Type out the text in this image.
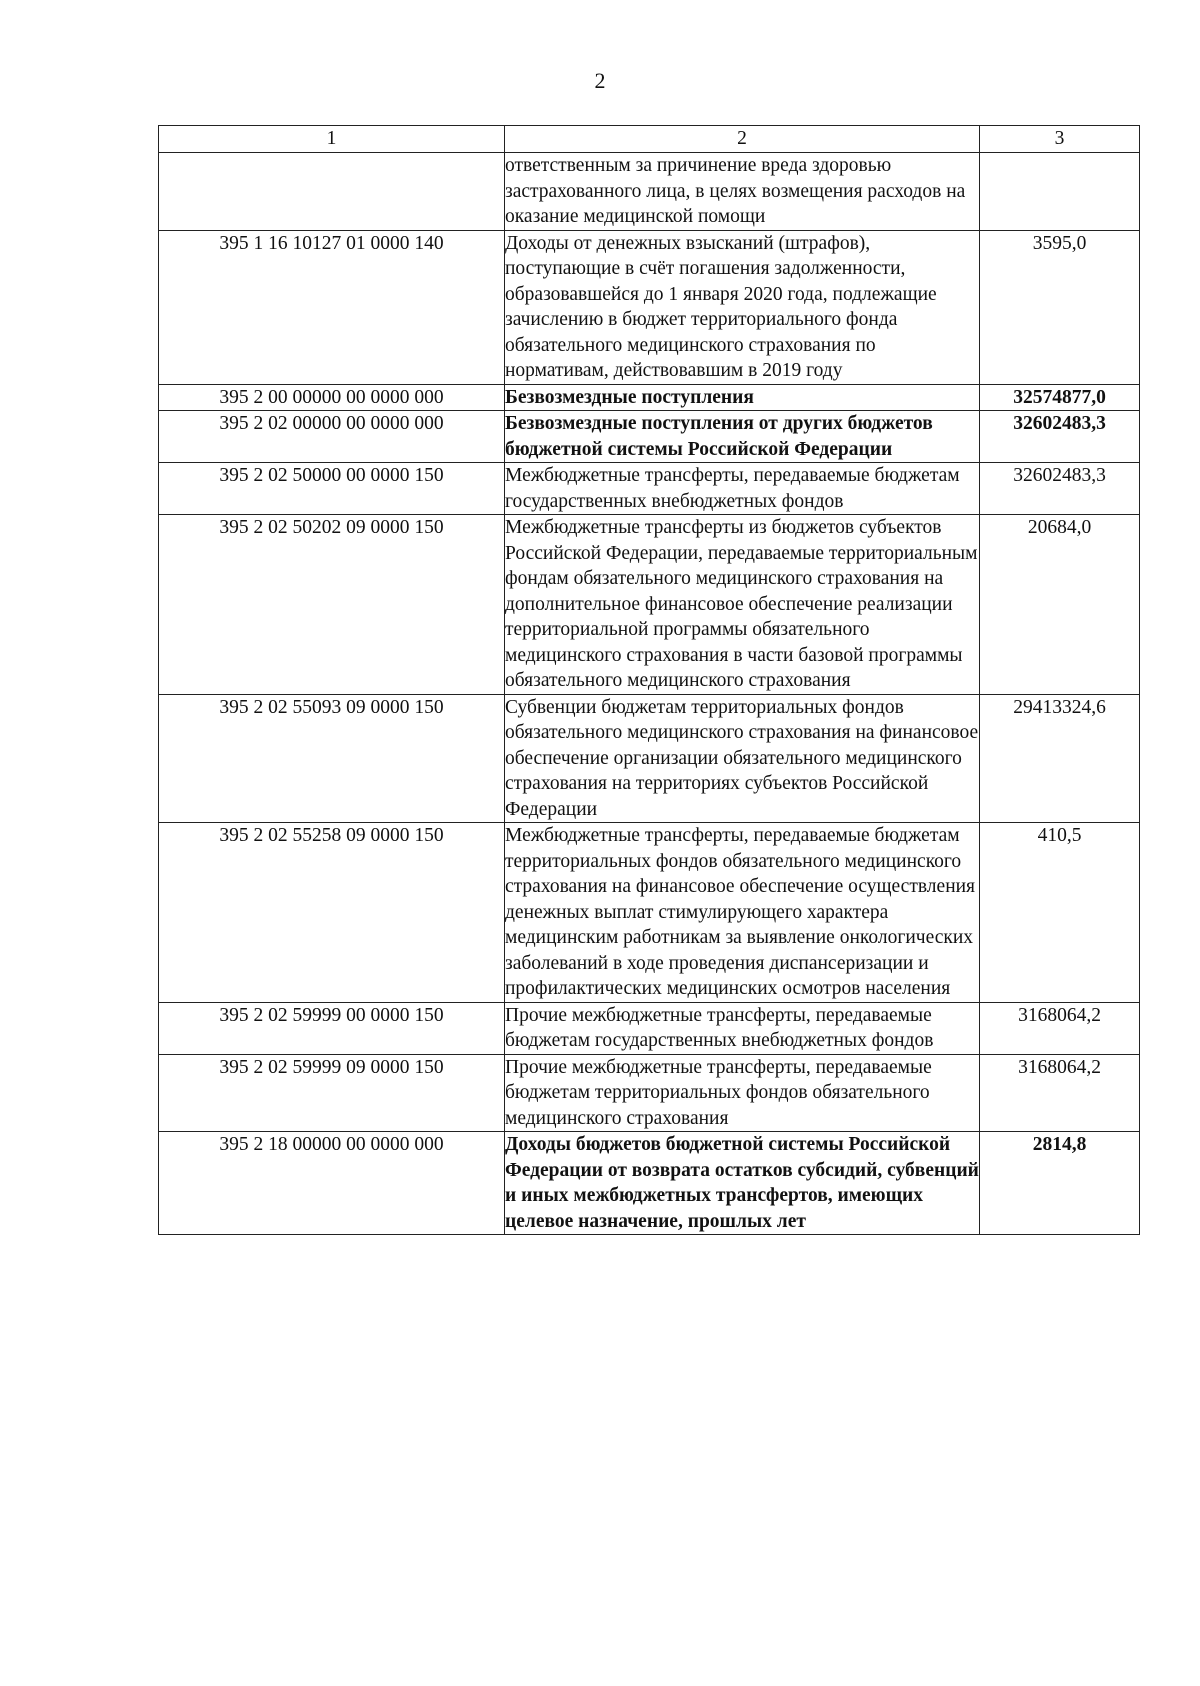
2
1	2	3
	ответственным за причинение вреда здоровью застрахованного лица, в целях возмещения расходов на оказание медицинской помощи	
395 1 16 10127 01 0000 140	Доходы от денежных взысканий (штрафов), поступающие в счёт погашения задолженности, образовавшейся до 1 января 2020 года, подлежащие зачислению в бюджет территориального фонда обязательного медицинского страхования по нормативам, действовавшим в 2019 году	3595,0
395 2 00 00000 00 0000 000	Безвозмездные поступления	32574877,0
395 2 02 00000 00 0000 000	Безвозмездные поступления от других бюджетов бюджетной системы Российской Федерации	32602483,3
395 2 02 50000 00 0000 150	Межбюджетные трансферты, передаваемые бюджетам государственных внебюджетных фондов	32602483,3
395 2 02 50202 09 0000 150	Межбюджетные трансферты из бюджетов субъектов Российской Федерации, передаваемые территориальным фондам обязательного медицинского страхования на дополнительное финансовое обеспечение реализации территориальной программы обязательного медицинского страхования в части базовой программы обязательного медицинского страхования	20684,0
395 2 02 55093 09 0000 150	Субвенции бюджетам территориальных фондов обязательного медицинского страхования на финансовое обеспечение организации обязательного медицинского страхования на территориях субъектов Российской Федерации	29413324,6
395 2 02 55258 09 0000 150	Межбюджетные трансферты, передаваемые бюджетам территориальных фондов обязательного медицинского страхования на финансовое обеспечение осуществления денежных выплат стимулирующего характера медицинским работникам за выявление онкологических заболеваний в ходе проведения диспансеризации и профилактических медицинских осмотров населения	410,5
395 2 02 59999 00 0000 150	Прочие межбюджетные трансферты, передаваемые бюджетам государственных внебюджетных фондов	3168064,2
395 2 02 59999 09 0000 150	Прочие межбюджетные трансферты, передаваемые бюджетам территориальных фондов обязательного медицинского страхования	3168064,2
395 2 18 00000 00 0000 000	Доходы бюджетов бюджетной системы Российской Федерации от возврата остатков субсидий, субвенций и иных межбюджетных трансфертов, имеющих целевое назначение, прошлых лет	2814,8
